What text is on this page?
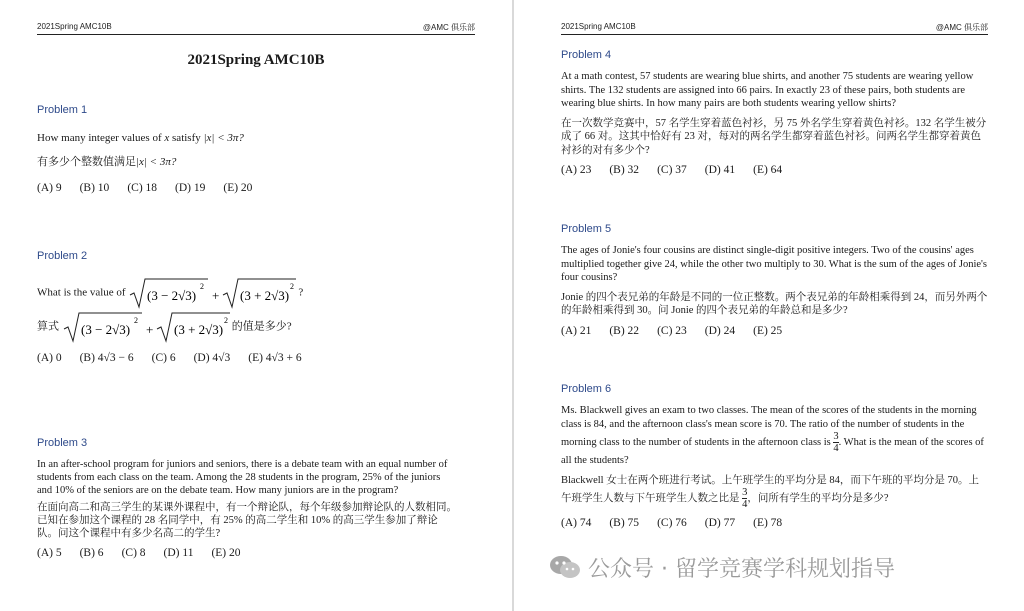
2021Spring AMC10B	@AMC 俱乐部
2021Spring AMC10B
Problem 1

How many integer values of x satisfy |x| < 3π?

有多少个整数值满足|x| < 3π?

(A) 9 (B) 10 (C) 18 (D) 19 (E) 20
Problem 2

What is the value of (3 − 2√3)
2
+ (3 + 2√3)
2
?

算式 (3 − 2√3)
2
+ (3 + 2√3)
2
的值是多少?

(A) 0 (B) 4√3 − 6 (C) 6 (D) 4√3 (E) 4√3 + 6
Problem 3

In an after-school program for juniors and seniors, there is a debate team with an equal number of students from each class on the team. Among the 28 students in the program, 25% of the juniors and 10% of the seniors are on the debate team. How many juniors are in the program?

在面向高二和高三学生的某课外课程中，有一个辩论队，每个年级参加辩论队的人数相同。已知在参加这个课程的 28 名同学中，有 25% 的高二学生和 10% 的高三学生参加了辩论队。问这个课程中有多少名高二的学生?

(A) 5 (B) 6 (C) 8 (D) 11 (E) 20
2021Spring AMC10B	@AMC 俱乐部
Problem 4

At a math contest, 57 students are wearing blue shirts, and another 75 students are wearing yellow shirts. The 132 students are assigned into 66 pairs. In exactly 23 of these pairs, both students are wearing blue shirts. In how many pairs are both students wearing yellow shirts?

在一次数学竞赛中，57 名学生穿着蓝色衬衫，另 75 外名学生穿着黄色衬衫。132 名学生被分成了 66 对。这其中恰好有 23 对，每对的两名学生都穿着蓝色衬衫。问两名学生都穿着黄色衬衫的对有多少个?

(A) 23 (B) 32 (C) 37 (D) 41 (E) 64
Problem 5

The ages of Jonie's four cousins are distinct single-digit positive integers. Two of the cousins' ages multiplied together give 24, while the other two multiply to 30. What is the sum of the ages of Jonie's four cousins?

Jonie 的四个表兄弟的年龄是不同的一位正整数。两个表兄弟的年龄相乘得到 24，而另外两个的年龄相乘得到 30。问 Jonie 的四个表兄弟的年龄总和是多少?

(A) 21 (B) 22 (C) 23 (D) 24 (E) 25
Problem 6

Ms. Blackwell gives an exam to two classes. The mean of the scores of the students in the morning class is 84, and the afternoon class's mean score is 70. The ratio of the number of students in the
morning class to the number of students in the afternoon class is $\frac{3}{4}$ . What is the mean of the scores of all the students?

Blackwell 女士在两个班进行考试。上午班学生的平均分是 84，而下午班的平均分是 70。上
午班学生人数与下午班学生人数之比是 $\frac{3}{4}$ ，问所有学生的平均分是多少?

(A) 74 (B) 75 (C) 76 (D) 77 (E) 78
公众号 · 留学竞赛学科规划指导
